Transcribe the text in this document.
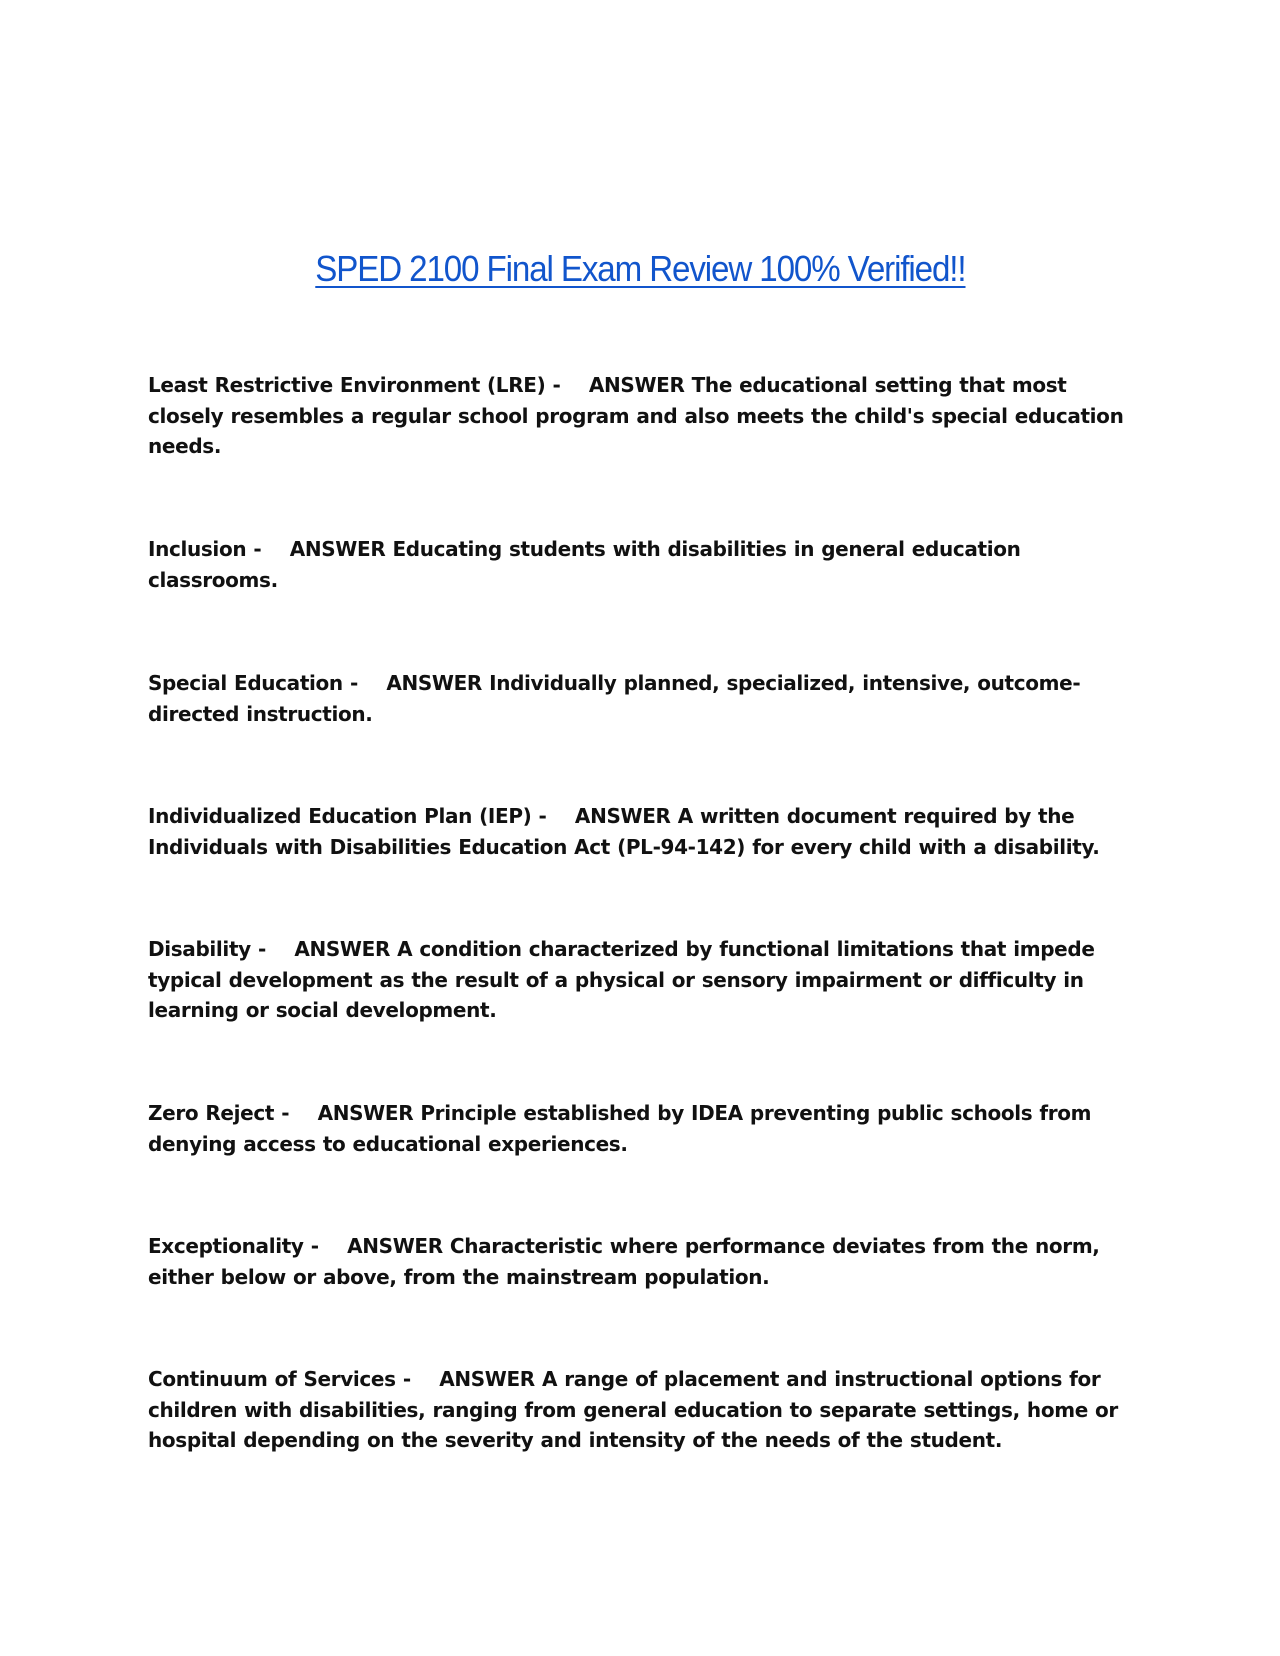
SPED 2100 Final Exam Review 100% Verified!!

Least Restrictive Environment (LRE) -    ANSWER The educational setting that most closely resembles a regular school program and also meets the child's special education needs.

Inclusion -    ANSWER Educating students with disabilities in general education classrooms.

Special Education -    ANSWER Individually planned, specialized, intensive, outcome-directed instruction.

Individualized Education Plan (IEP) -    ANSWER A written document required by the Individuals with Disabilities Education Act (PL-94-142) for every child with a disability.

Disability -    ANSWER A condition characterized by functional limitations that impede typical development as the result of a physical or sensory impairment or difficulty in learning or social development.

Zero Reject -    ANSWER Principle established by IDEA preventing public schools from denying access to educational experiences.

Exceptionality -    ANSWER Characteristic where performance deviates from the norm, either below or above, from the mainstream population.

Continuum of Services -    ANSWER A range of placement and instructional options for children with disabilities, ranging from general education to separate settings, home or hospital depending on the severity and intensity of the needs of the student.
